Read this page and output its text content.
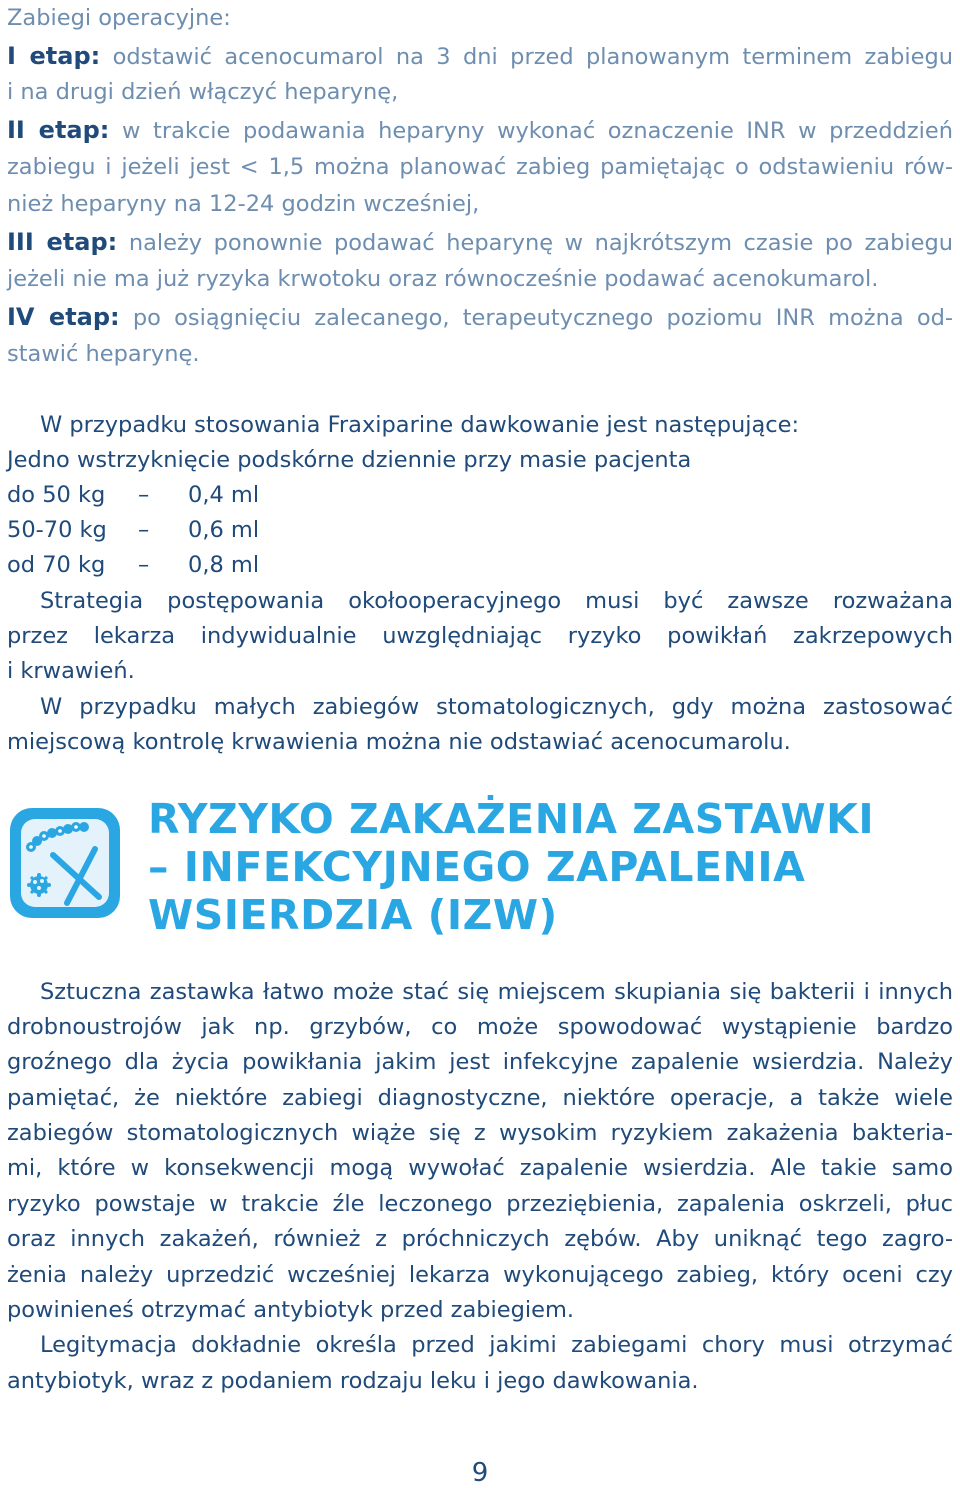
Zabiegi operacyjne:
I etap: odstawić acenocumarol na 3 dni przed planowanym terminem zabiegu
i na drugi dzień włączyć heparynę,
II etap: w trakcie podawania heparyny wykonać oznaczenie INR w przeddzień
zabiegu i jeżeli jest < 1,5 można planować zabieg pamiętając o odstawieniu rów-
nież heparyny na 12-24 godzin wcześniej,
III etap: należy ponownie podawać heparynę w najkrótszym czasie po zabiegu
jeżeli nie ma już ryzyka krwotoku oraz równocześnie podawać acenokumarol.
IV etap: po osiągnięciu zalecanego, terapeutycznego poziomu INR można od-
stawić heparynę.
W przypadku stosowania Fraxiparine dawkowanie jest następujące:
Jedno wstrzyknięcie podskórne dziennie przy masie pacjenta
do 50 kg – 0,4 ml
50-70 kg – 0,6 ml
od 70 kg – 0,8 ml
Strategia postępowania okołooperacyjnego musi być zawsze rozważana
przez lekarza indywidualnie uwzględniając ryzyko powikłań zakrzepowych
i krwawień.
W przypadku małych zabiegów stomatologicznych, gdy można zastosować
miejscową kontrolę krwawienia można nie odstawiać acenocumarolu.
RYZYKO ZAKAŻENIA ZASTAWKI
– INFEKCYJNEGO ZAPALENIA
WSIERDZIA (IZW)
Sztuczna zastawka łatwo może stać się miejscem skupiania się bakterii i innych
drobnoustrojów jak np. grzybów, co może spowodować wystąpienie bardzo
groźnego dla życia powikłania jakim jest infekcyjne zapalenie wsierdzia. Należy
pamiętać, że niektóre zabiegi diagnostyczne, niektóre operacje, a także wiele
zabiegów stomatologicznych wiąże się z wysokim ryzykiem zakażenia bakteria-
mi, które w konsekwencji mogą wywołać zapalenie wsierdzia. Ale takie samo
ryzyko powstaje w trakcie źle leczonego przeziębienia, zapalenia oskrzeli, płuc
oraz innych zakażeń, również z próchniczych zębów. Aby uniknąć tego zagro-
żenia należy uprzedzić wcześniej lekarza wykonującego zabieg, który oceni czy
powinieneś otrzymać antybiotyk przed zabiegiem.
Legitymacja dokładnie określa przed jakimi zabiegami chory musi otrzymać
antybiotyk, wraz z podaniem rodzaju leku i jego dawkowania.
9
